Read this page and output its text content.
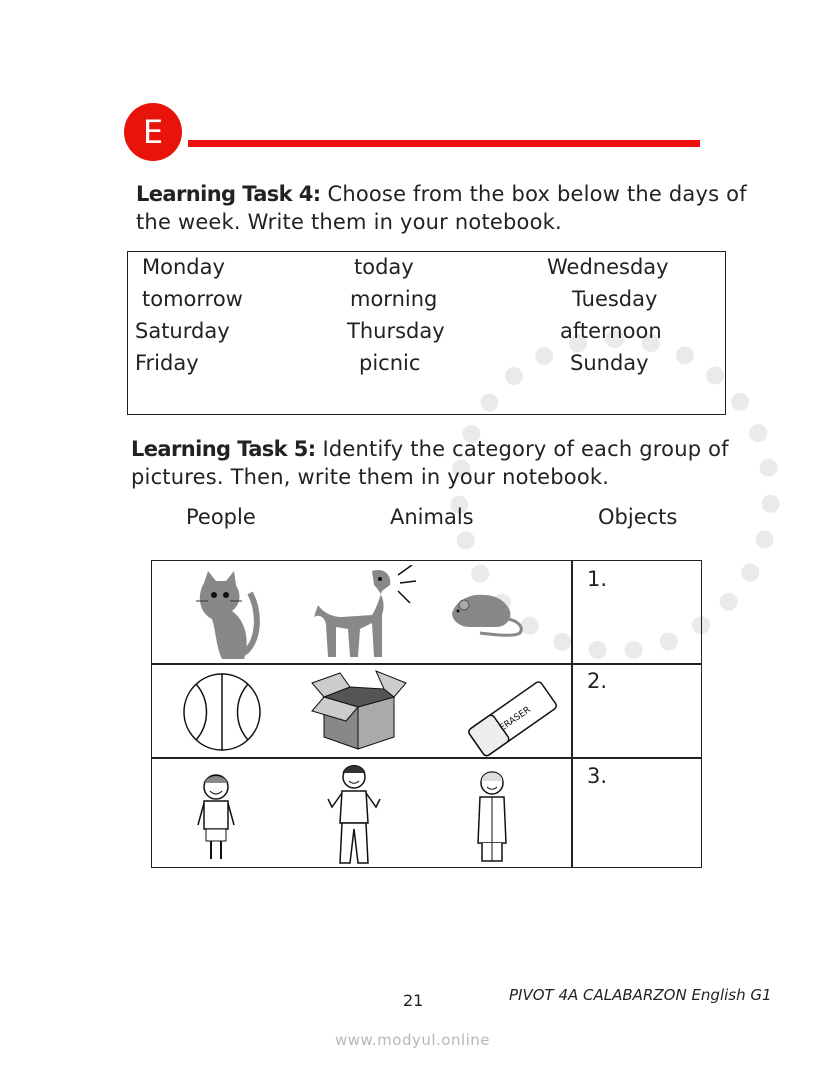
E

Learning Task 4: Choose from the box below the days of the week. Write them in your notebook.

Monday	today	Wednesday
tomorrow	morning	Tuesday
Saturday	Thursday	afternoon
Friday	picnic	Sunday

Learning Task 5: Identify the category of each group of pictures. Then, write them in your notebook.

People	Animals	Objects
1.
2.
3.
ERASER
21	PIVOT 4A CALABARZON English G1
www.modyul.online
